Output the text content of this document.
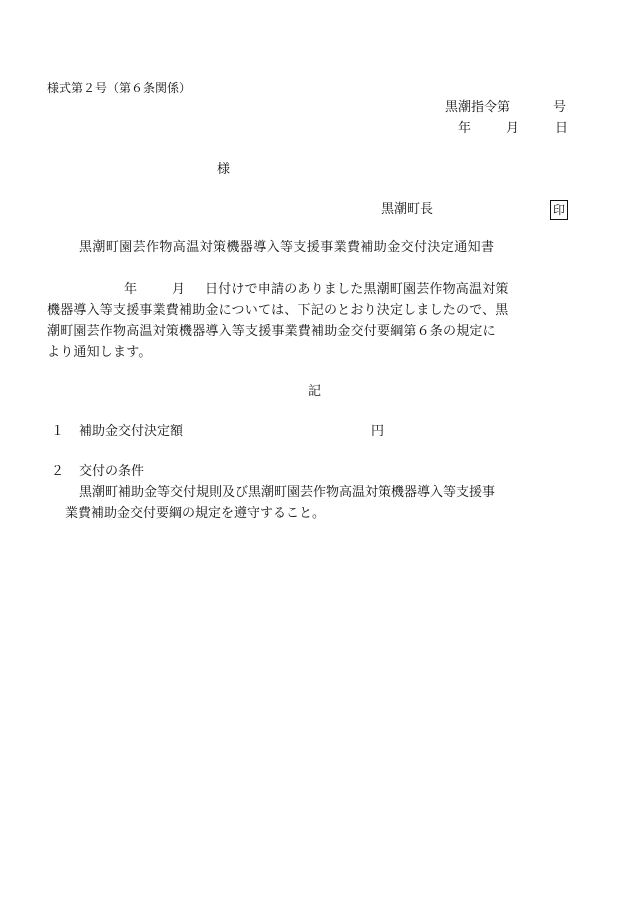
様式第２号（第６条関係）
黒潮指令第	号
年	月	日
様
黒潮町長	印
黒潮町園芸作物高温対策機器導入等支援事業費補助金交付決定通知書
年	月 日付けで申請のありました黒潮町園芸作物高温対策
機器導入等支援事業費補助金については、下記のとおり決定しましたので、黒
潮町園芸作物高温対策機器導入等支援事業費補助金交付要綱第６条の規定に
より通知します。
記
１ 補助金交付決定額	円
２ 交付の条件
黒潮町補助金等交付規則及び黒潮町園芸作物高温対策機器導入等支援事
業費補助金交付要綱の規定を遵守すること。
